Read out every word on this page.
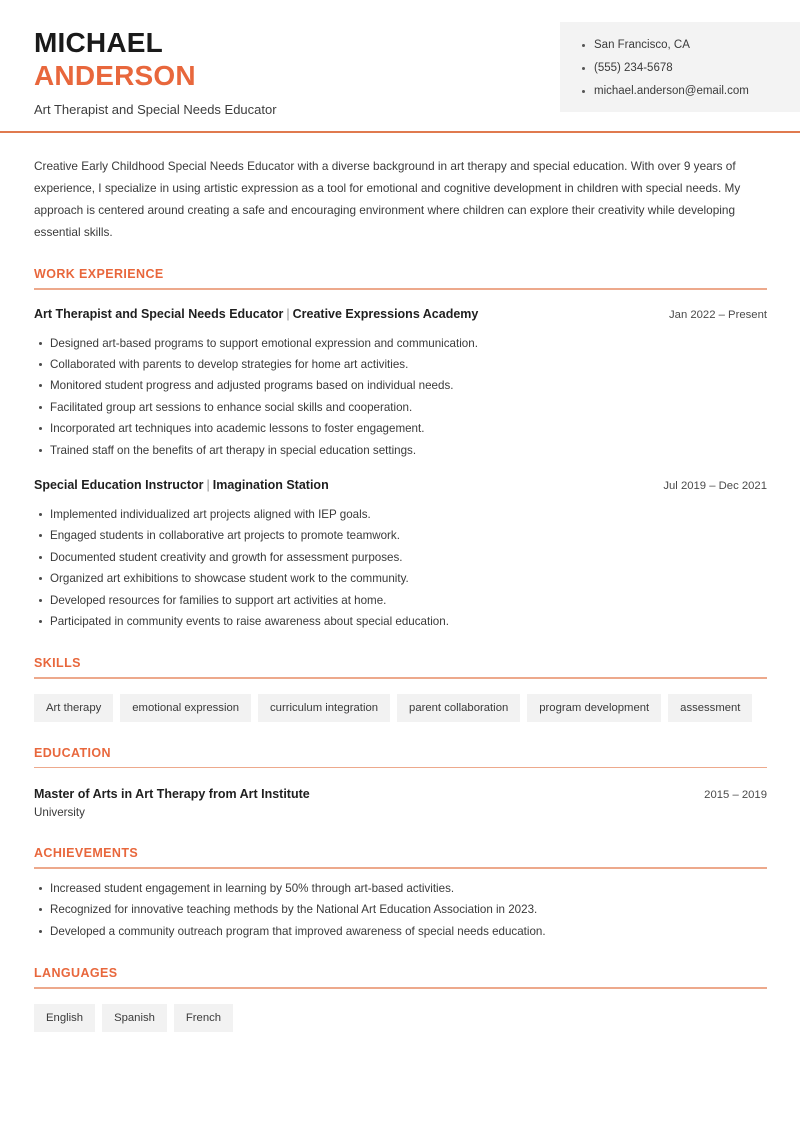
San Francisco, CA
(555) 234-5678
michael.anderson@email.com
MICHAEL
ANDERSON
Art Therapist and Special Needs Educator

Creative Early Childhood Special Needs Educator with a diverse background in art therapy and special education. With over 9 years of experience, I specialize in using artistic expression as a tool for emotional and cognitive development in children with special needs. My approach is centered around creating a safe and encouraging environment where children can explore their creativity while developing essential skills.

WORK EXPERIENCE
Art Therapist and Special Needs Educator | Creative Expressions Academy	Jan 2022 – Present
Designed art-based programs to support emotional expression and communication.
Collaborated with parents to develop strategies for home art activities.
Monitored student progress and adjusted programs based on individual needs.
Facilitated group art sessions to enhance social skills and cooperation.
Incorporated art techniques into academic lessons to foster engagement.
Trained staff on the benefits of art therapy in special education settings.
Special Education Instructor | Imagination Station	Jul 2019 – Dec 2021
Implemented individualized art projects aligned with IEP goals.
Engaged students in collaborative art projects to promote teamwork.
Documented student creativity and growth for assessment purposes.
Organized art exhibitions to showcase student work to the community.
Developed resources for families to support art activities at home.
Participated in community events to raise awareness about special education.
SKILLS
Art therapy	emotional expression	curriculum integration	parent collaboration	program development	assessment
EDUCATION
Master of Arts in Art Therapy from Art Institute	2015 – 2019
University
ACHIEVEMENTS
Increased student engagement in learning by 50% through art-based activities.
Recognized for innovative teaching methods by the National Art Education Association in 2023.
Developed a community outreach program that improved awareness of special needs education.
LANGUAGES
English	Spanish	French
